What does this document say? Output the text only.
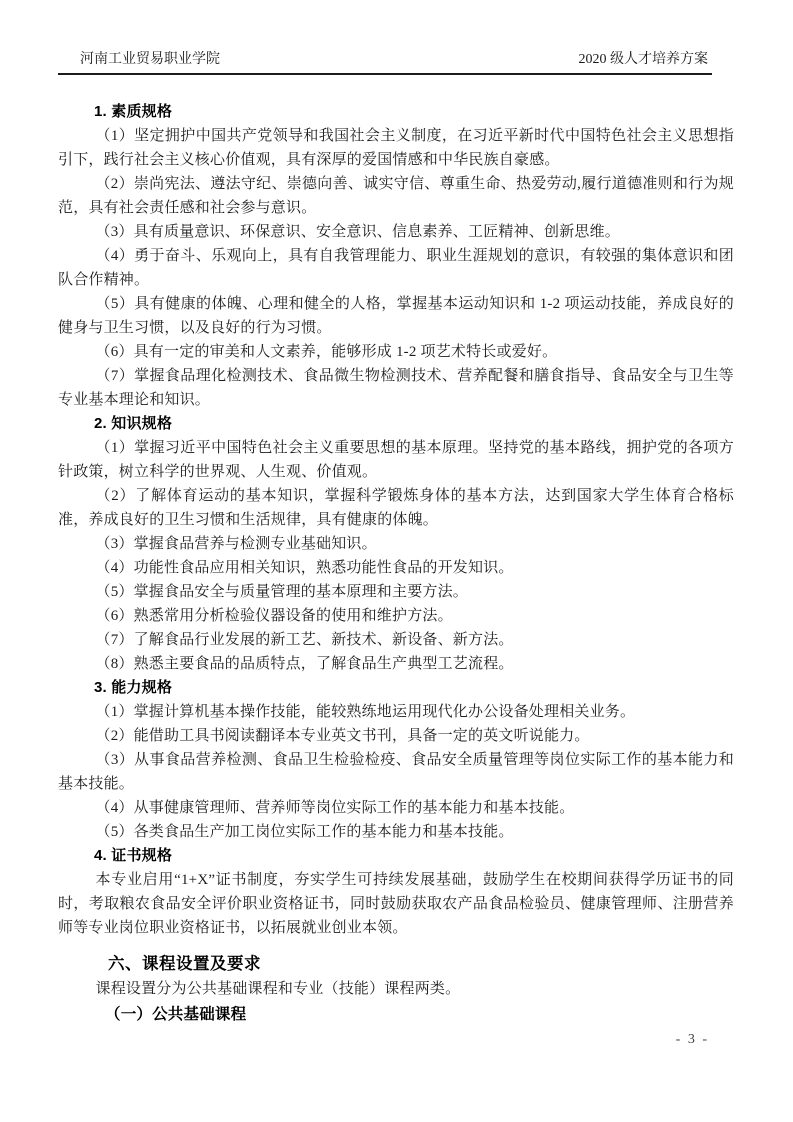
河南工业贸易职业学院	2020 级人才培养方案
1. 素质规格

（1）坚定拥护中国共产党领导和我国社会主义制度，在习近平新时代中国特色社会主义思想指引下，践行社会主义核心价值观，具有深厚的爱国情感和中华民族自豪感。

（2）崇尚宪法、遵法守纪、崇德向善、诚实守信、尊重生命、热爱劳动,履行道德准则和行为规范，具有社会责任感和社会参与意识。

（3）具有质量意识、环保意识、安全意识、信息素养、工匠精神、创新思维。

（4）勇于奋斗、乐观向上，具有自我管理能力、职业生涯规划的意识，有较强的集体意识和团队合作精神。

（5）具有健康的体魄、心理和健全的人格，掌握基本运动知识和 1-2 项运动技能，养成良好的健身与卫生习惯，以及良好的行为习惯。

（6）具有一定的审美和人文素养，能够形成 1-2 项艺术特长或爱好。

（7）掌握食品理化检测技术、食品微生物检测技术、营养配餐和膳食指导、食品安全与卫生等专业基本理论和知识。

2. 知识规格

（1）掌握习近平中国特色社会主义重要思想的基本原理。坚持党的基本路线，拥护党的各项方针政策，树立科学的世界观、人生观、价值观。

（2）了解体育运动的基本知识，掌握科学锻炼身体的基本方法，达到国家大学生体育合格标准，养成良好的卫生习惯和生活规律，具有健康的体魄。

（3）掌握食品营养与检测专业基础知识。

（4）功能性食品应用相关知识，熟悉功能性食品的开发知识。

（5）掌握食品安全与质量管理的基本原理和主要方法。

（6）熟悉常用分析检验仪器设备的使用和维护方法。

（7）了解食品行业发展的新工艺、新技术、新设备、新方法。

（8）熟悉主要食品的品质特点，了解食品生产典型工艺流程。

3. 能力规格

（1）掌握计算机基本操作技能，能较熟练地运用现代化办公设备处理相关业务。

（2）能借助工具书阅读翻译本专业英文书刊，具备一定的英文听说能力。

（3）从事食品营养检测、食品卫生检验检疫、食品安全质量管理等岗位实际工作的基本能力和基本技能。

（4）从事健康管理师、营养师等岗位实际工作的基本能力和基本技能。

（5）各类食品生产加工岗位实际工作的基本能力和基本技能。

4. 证书规格

本专业启用“1+X”证书制度，夯实学生可持续发展基础，鼓励学生在校期间获得学历证书的同时，考取粮农食品安全评价职业资格证书，同时鼓励获取农产品食品检验员、健康管理师、注册营养师等专业岗位职业资格证书，以拓展就业创业本领。

六、课程设置及要求

课程设置分为公共基础课程和专业（技能）课程两类。

（一）公共基础课程
- 3 -
